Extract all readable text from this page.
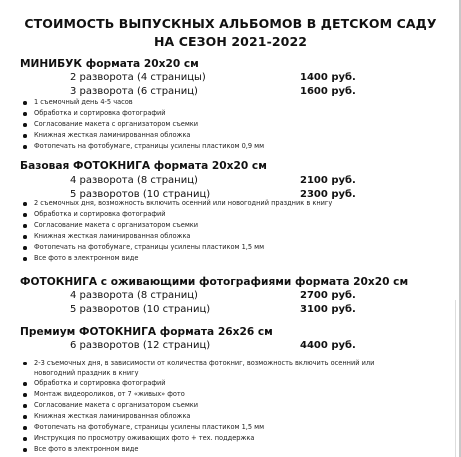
СТОИМОСТЬ ВЫПУСКНЫХ АЛЬБОМОВ В ДЕТСКОМ САДУ
НА СЕЗОН 2021-2022
МИНИБУК формата 20х20 см
2 разворота (4 страницы)	1400 руб.
3 разворота (6 страниц)	1600 руб.
1 съемочный день 4-5 часов
Обработка и сортировка фотографий
Согласование макета с организатором съемки
Книжная жесткая ламинированная обложка
Фотопечать на фотобумаге, страницы усилены пластиком 0,9 мм
Базовая ФОТОКНИГА формата 20х20 см
4 разворота (8 страниц)	2100 руб.
5 разворотов (10 страниц)	2300 руб.
2 съемочных дня, возможность включить осенний или новогодний праздник в книгу
Обработка и сортировка фотографий
Согласование макета с организатором съемки
Книжная жесткая ламинированная обложка
Фотопечать на фотобумаге, страницы усилены пластиком 1,5 мм
Все фото в электронном виде
ФОТОКНИГА с оживающими фотографиями формата 20х20 см
4 разворота (8 страниц)	2700 руб.
5 разворотов (10 страниц)	3100 руб.
Премиум ФОТОКНИГА формата 26х26 см
6 разворотов (12 страниц)	4400 руб.
2-3 съемочных дня, в зависимости от количества фотокниг, возможность включить осенний или новогодний праздник в книгу
Обработка и сортировка фотографий
Монтаж видеороликов, от 7 «живых» фото
Согласование макета с организатором съемки
Книжная жесткая ламинированная обложка
Фотопечать на фотобумаге, страницы усилены пластиком 1,5 мм
Инструкция по просмотру оживающих фото + тех. поддержка
Все фото в электронном виде
